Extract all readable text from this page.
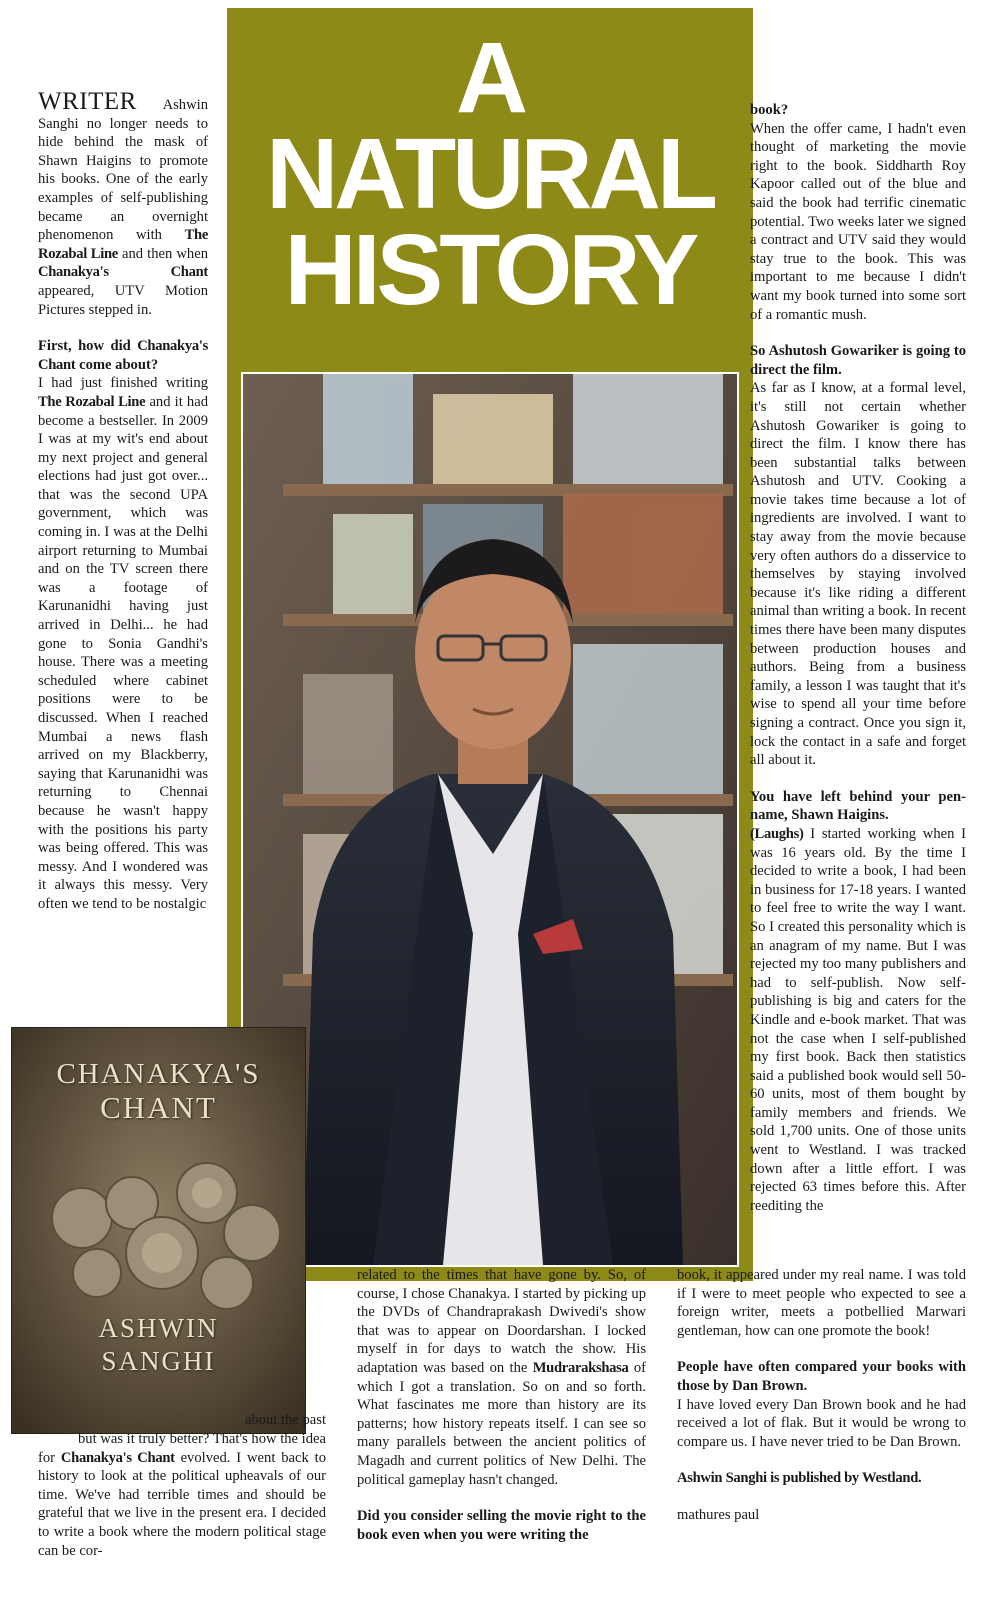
A
NATURAL
HISTORY
CHANAKYA'S
CHANT
ASHWIN
SANGHI

WRITER Ashwin Sanghi no longer needs to hide behind the mask of Shawn Haigins to promote his books. One of the early examples of self-publishing became an overnight phenomenon with The Rozabal Line and then when Chanakya's Chant appeared, UTV Motion Pictures stepped in.

First, how did Chanakya's Chant come about?

I had just finished writing The Rozabal Line and it had become a bestseller. In 2009 I was at my wit's end about my next project and general elections had just got over... that was the second UPA government, which was coming in. I was at the Delhi airport returning to Mumbai and on the TV screen there was a footage of Karunanidhi having just arrived in Delhi... he had gone to Sonia Gandhi's house. There was a meeting scheduled where cabinet positions were to be discussed. When I reached Mumbai a news flash arrived on my Blackberry, saying that Karunanidhi was returning to Chennai because he wasn't happy with the positions his party was being offered. This was messy. And I wondered was it always this messy. Very often we tend to be nostalgic

about the past

but was it truly better? That's how the idea for Chanakya's Chant evolved. I went back to history to look at the political upheavals of our time. We've had terrible times and should be grateful that we live in the present era. I decided to write a book where the modern political stage can be cor-

related to the times that have gone by. So, of course, I chose Chanakya. I started by picking up the DVDs of Chandraprakash Dwivedi's show that was to appear on Doordarshan. I locked myself in for days to watch the show. His adaptation was based on the Mudrarakshasa of which I got a translation. So on and so forth. What fascinates me more than history are its patterns; how history repeats itself. I can see so many parallels between the ancient politics of Magadh and current politics of New Delhi. The political gameplay hasn't changed.

Did you consider selling the movie right to the book even when you were writing the

book?

When the offer came, I hadn't even thought of marketing the movie right to the book. Siddharth Roy Kapoor called out of the blue and said the book had terrific cinematic potential. Two weeks later we signed a contract and UTV said they would stay true to the book. This was important to me because I didn't want my book turned into some sort of a romantic mush.

So Ashutosh Gowariker is going to direct the film.

As far as I know, at a formal level, it's still not certain whether Ashutosh Gowariker is going to direct the film. I know there has been substantial talks between Ashutosh and UTV. Cooking a movie takes time because a lot of ingredients are involved. I want to stay away from the movie because very often authors do a disservice to themselves by staying involved because it's like riding a different animal than writing a book. In recent times there have been many disputes between production houses and authors. Being from a business family, a lesson I was taught that it's wise to spend all your time before signing a contract. Once you sign it, lock the contact in a safe and forget all about it.

You have left behind your pen-name, Shawn Haigins.

(Laughs) I started working when I was 16 years old. By the time I decided to write a book, I had been in business for 17-18 years. I wanted to feel free to write the way I want. So I created this personality which is an anagram of my name. But I was rejected my too many publishers and had to self-publish. Now self-publishing is big and caters for the Kindle and e-book market. That was not the case when I self-published my first book. Back then statistics said a published book would sell 50-60 units, most of them bought by family members and friends. We sold 1,700 units. One of those units went to Westland. I was tracked down after a little effort. I was rejected 63 times before this. After reediting the

book, it appeared under my real name. I was told if I were to meet people who expected to see a foreign writer, meets a potbellied Marwari gentleman, how can one promote the book!

People have often compared your books with those by Dan Brown.

I have loved every Dan Brown book and he had received a lot of flak. But it would be wrong to compare us. I have never tried to be Dan Brown.

Ashwin Sanghi is published by Westland.

mathures paul
